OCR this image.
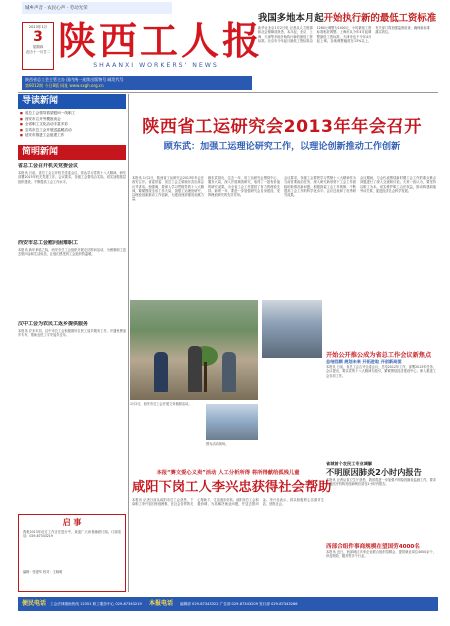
城乡声音 · 农民心声 · 劳动光荣
2013年1月
3
星期四
农历十一月廿二 陕西工人报
SHAANXI WORKERS' NEWS
陕西省总工会主管主办 国内统一连续出版物号 邮发代号
第6012期 今日8版 网址 www.sxgh.org.cn
我国多地本月起开始执行新的最低工资标准
新华社北京1月2日电 记者从人力资源和社会保障部获悉，本月起，北京、上海、天津等多地开始执行新的最低工资标准。北京市今年起月最低工资标准由1260元调整为1400元，小时最低工资标准相应调整。上海市从今年4月起调整最低工资标准，天津市也于今年4月起上调。各地调整幅度在13%以上，有关部门将加强监督检查，确保新标准落实到位。
导读新闻
■ 省总工会领导看望慰问一线职工
■ 西安市召开劳模座谈会
■ 全省职工文化活动丰富多彩
■ 宝鸡市总工会开展送温暖活动
■ 延安市推进工会组建工作
简明新闻
省总工会召开机关党委会议
本报讯 日前，省总工会召开机关党委会议，传达学习党的十八大精神，研究部署2013年机关党建工作。会议要求，各级工会要结合实际，切实加强基层组织建设，不断提高工会工作水平。
西安市总工会慰问困难职工
本报讯 新年来临之际，西安市总工会组织开展走访慰问活动，为困难职工送去慰问金和生活用品，让他们感受到工会组织的温暖。
汉中工会为农民工返乡提供服务
本报讯 岁末年初，汉中市总工会积极做好农民工返乡服务工作，开通免费返乡专车，帮助农民工平安返乡过年。
启 事
我报2013年征订工作正在进行中，欢迎广大读者踊跃订阅。订阅电话：029-87343219
编辑：张建华 校对：王晓明
陕西省工运研究会2013年年会召开
顾东武：加强工运理论研究工作，以理论创新推动工作创新
本报讯 1月2日，陕西省工运研究会2013年年会在西安召开。省委常委、省总工会主席顾东武出席会议并讲话。他强调，要深入学习贯彻党的十八大精神，紧紧围绕全省工作大局，加强工运理论研究，以理论创新推动工作创新，为建设西部强省贡献力量。
顾东武指出，过去一年，省工运研究会围绕中心、服务大局，深入开展调查研究，取得了一批有价值的研究成果，为全省工会工作提供了有力的理论支持。新的一年，要进一步加强研究会自身建设，发挥理论研究的先导作用。
会议要求，各级工会要把学习贯彻十八大精神作为当前首要政治任务，深入研究新形势下工会工作面临的新情况新问题，积极探索工会工作规律，不断提高工会工作的科学化水平。会议还表彰了优秀研究成果。
会议期间，与会代表围绕新时期工会工作的重点难点问题进行了深入交流和讨论。大家一致认为，要坚持以职工为本，切实维护职工合法权益，推动构建和谐劳动关系，促进经济社会科学发展。
1月2日，西安市总工会开展义务植树活动。
图为活动现场。
开始公开推公成为省总工作会议新焦点
总结回顾 规划未来 开拓进取 开创新局面
本报讯 日前，省总工会召开全委会议，总结2012年工作，部署2013年任务。会议提出，要以党的十八大精神为指引，紧紧围绕经济建设中心，深入推进工会各项工作。
省城首个农民工专业调解
不明原因肺炎2小时内报告
本报讯 记者从省卫生厅获悉，我省将进一步加强不明原因肺炎监测工作，要求各级医疗机构发现病例后须在2小时内报告。
西部合组件事商规模在望国劳4000名
本报讯 近日，西部地区多家企业联合组织招聘会，提供就业岗位4000余个，涉及制造、服务等多个行业。
本报“赛文爱心义卖”活动 人工分析所得 将所得献给孤残儿童
咸阳下岗工人李兴忠获得社会帮助
本报讯 记者日前从咸阳市总工会获悉，下岗职工李兴忠因家庭困难，在社会各界的关心帮助下，生活逐步好转。咸阳市总工会积极协调，为其解决就业问题，并送去慰问金。李兴忠表示，将以积极的心态面对生活，回报社会。
便民电话 工会法律援助热线 12351 职工服务中心 029-87343219 本报电话 编辑部 029-87343322 广告部 029-87343209 发行部 029-87343266
